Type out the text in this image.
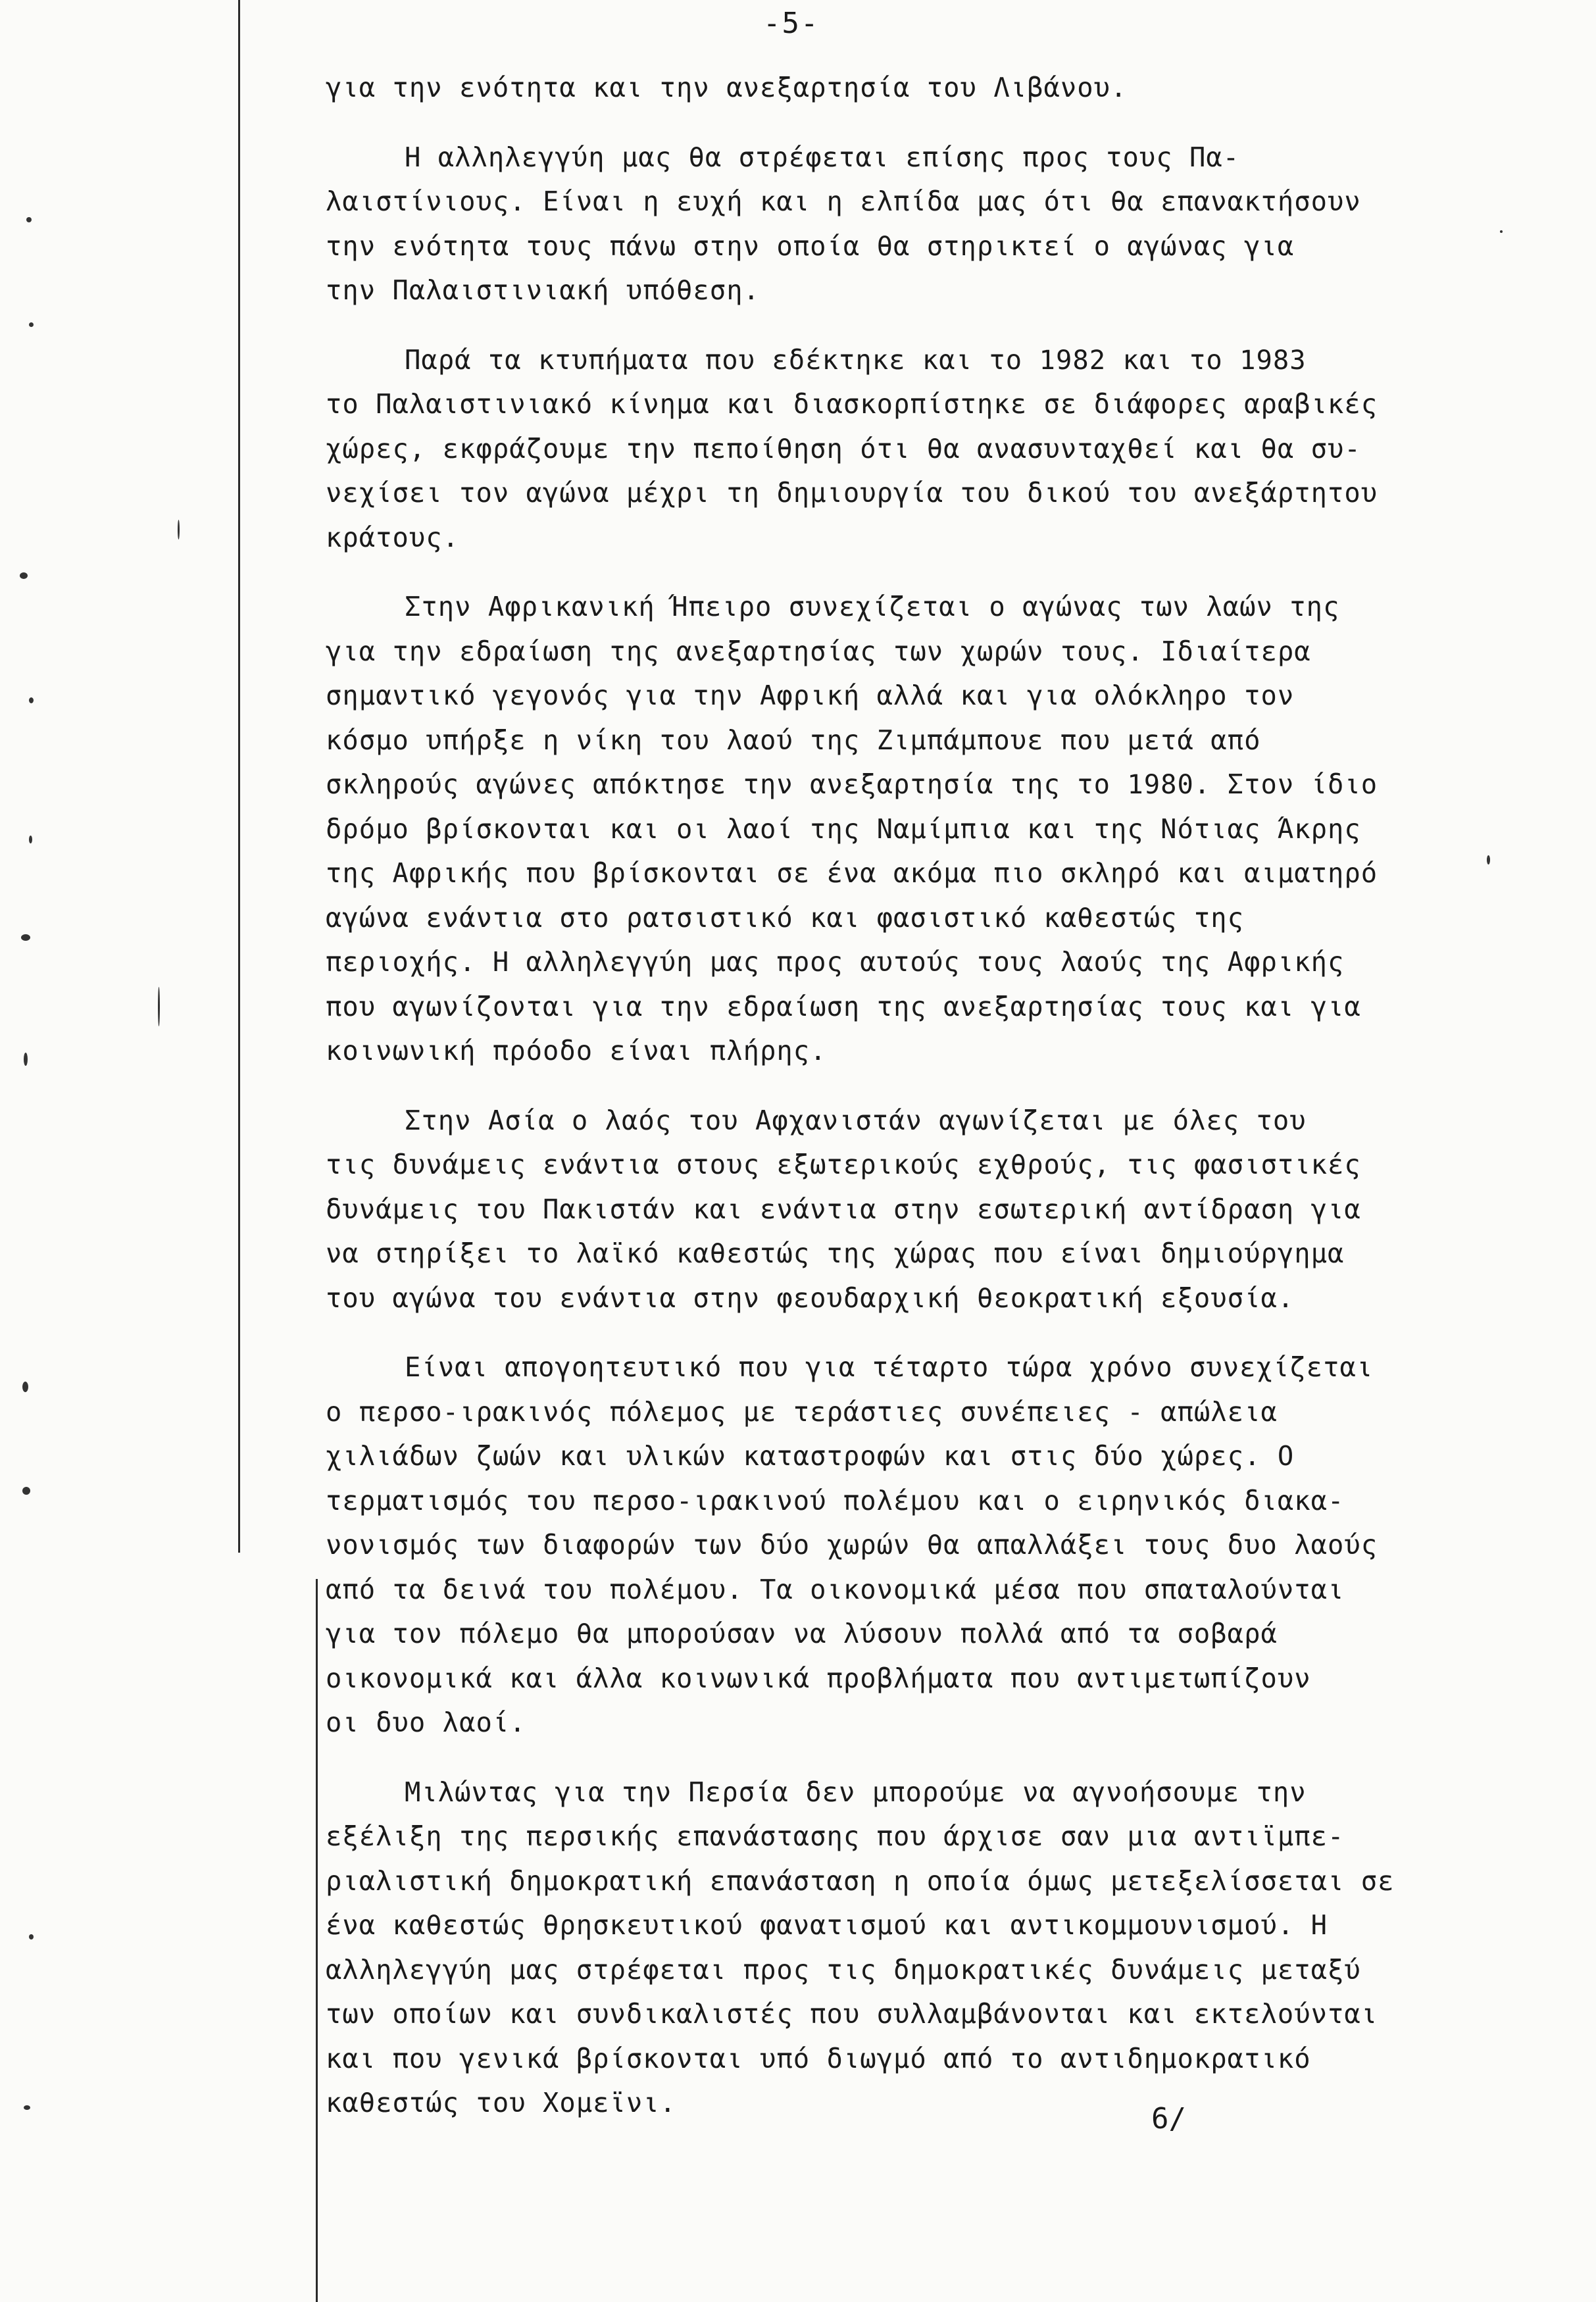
-5-
για την ενότητα και την ανεξαρτησία του Λιβάνου.
Η αλληλεγγύη μας θα στρέφεται επίσης προς τους Πα-
λαιστίνιους. Είναι η ευχή και η ελπίδα μας ότι θα επανακτήσουν
την ενότητα τους πάνω στην οποία θα στηρικτεί ο αγώνας για
την Παλαιστινιακή υπόθεση.
Παρά τα κτυπήματα που εδέκτηκε και το 1982 και το 1983
το Παλαιστινιακό κίνημα και διασκορπίστηκε σε διάφορες αραβικές
χώρες, εκφράζουμε την πεποίθηση ότι θα ανασυνταχθεί και θα συ-
νεχίσει τον αγώνα μέχρι τη δημιουργία του δικού του ανεξάρτητου
κράτους.
Στην Αφρικανική Ήπειρο συνεχίζεται ο αγώνας των λαών της
για την εδραίωση της ανεξαρτησίας των χωρών τους. Ιδιαίτερα
σημαντικό γεγονός για την Αφρική αλλά και για ολόκληρο τον
κόσμο υπήρξε η νίκη του λαού της Ζιμπάμπουε που μετά από
σκληρούς αγώνες απόκτησε την ανεξαρτησία της το 1980. Στον ίδιο
δρόμο βρίσκονται και οι λαοί της Ναμίμπια και της Νότιας Άκρης
της Αφρικής που βρίσκονται σε ένα ακόμα πιο σκληρό και αιματηρό
αγώνα ενάντια στο ρατσιστικό και φασιστικό καθεστώς της
περιοχής. Η αλληλεγγύη μας προς αυτούς τους λαούς της Αφρικής
που αγωνίζονται για την εδραίωση της ανεξαρτησίας τους και για
κοινωνική πρόοδο είναι πλήρης.
Στην Ασία ο λαός του Αφχανιστάν αγωνίζεται με όλες του
τις δυνάμεις ενάντια στους εξωτερικούς εχθρούς, τις φασιστικές
δυνάμεις του Πακιστάν και ενάντια στην εσωτερική αντίδραση για
να στηρίξει το λαϊκό καθεστώς της χώρας που είναι δημιούργημα
του αγώνα του ενάντια στην φεουδαρχική θεοκρατική εξουσία.
Είναι απογοητευτικό που για τέταρτο τώρα χρόνο συνεχίζεται
ο περσο-ιρακινός πόλεμος με τεράστιες συνέπειες - απώλεια
χιλιάδων ζωών και υλικών καταστροφών και στις δύο χώρες. Ο
τερματισμός του περσο-ιρακινού πολέμου και ο ειρηνικός διακα-
νονισμός των διαφορών των δύο χωρών θα απαλλάξει τους δυο λαούς
από τα δεινά του πολέμου. Τα οικονομικά μέσα που σπαταλούνται
για τον πόλεμο θα μπορούσαν να λύσουν πολλά από τα σοβαρά
οικονομικά και άλλα κοινωνικά προβλήματα που αντιμετωπίζουν
οι δυο λαοί.
Μιλώντας για την Περσία δεν μπορούμε να αγνοήσουμε την
εξέλιξη της περσικής επανάστασης που άρχισε σαν μια αντιϊμπε-
ριαλιστική δημοκρατική επανάσταση η οποία όμως μετεξελίσσεται σε
ένα καθεστώς θρησκευτικού φανατισμού και αντικομμουνισμού. Η
αλληλεγγύη μας στρέφεται προς τις δημοκρατικές δυνάμεις μεταξύ
των οποίων και συνδικαλιστές που συλλαμβάνονται και εκτελούνται
και που γενικά βρίσκονται υπό διωγμό από το αντιδημοκρατικό
καθεστώς του Χομεϊνι.	6/
